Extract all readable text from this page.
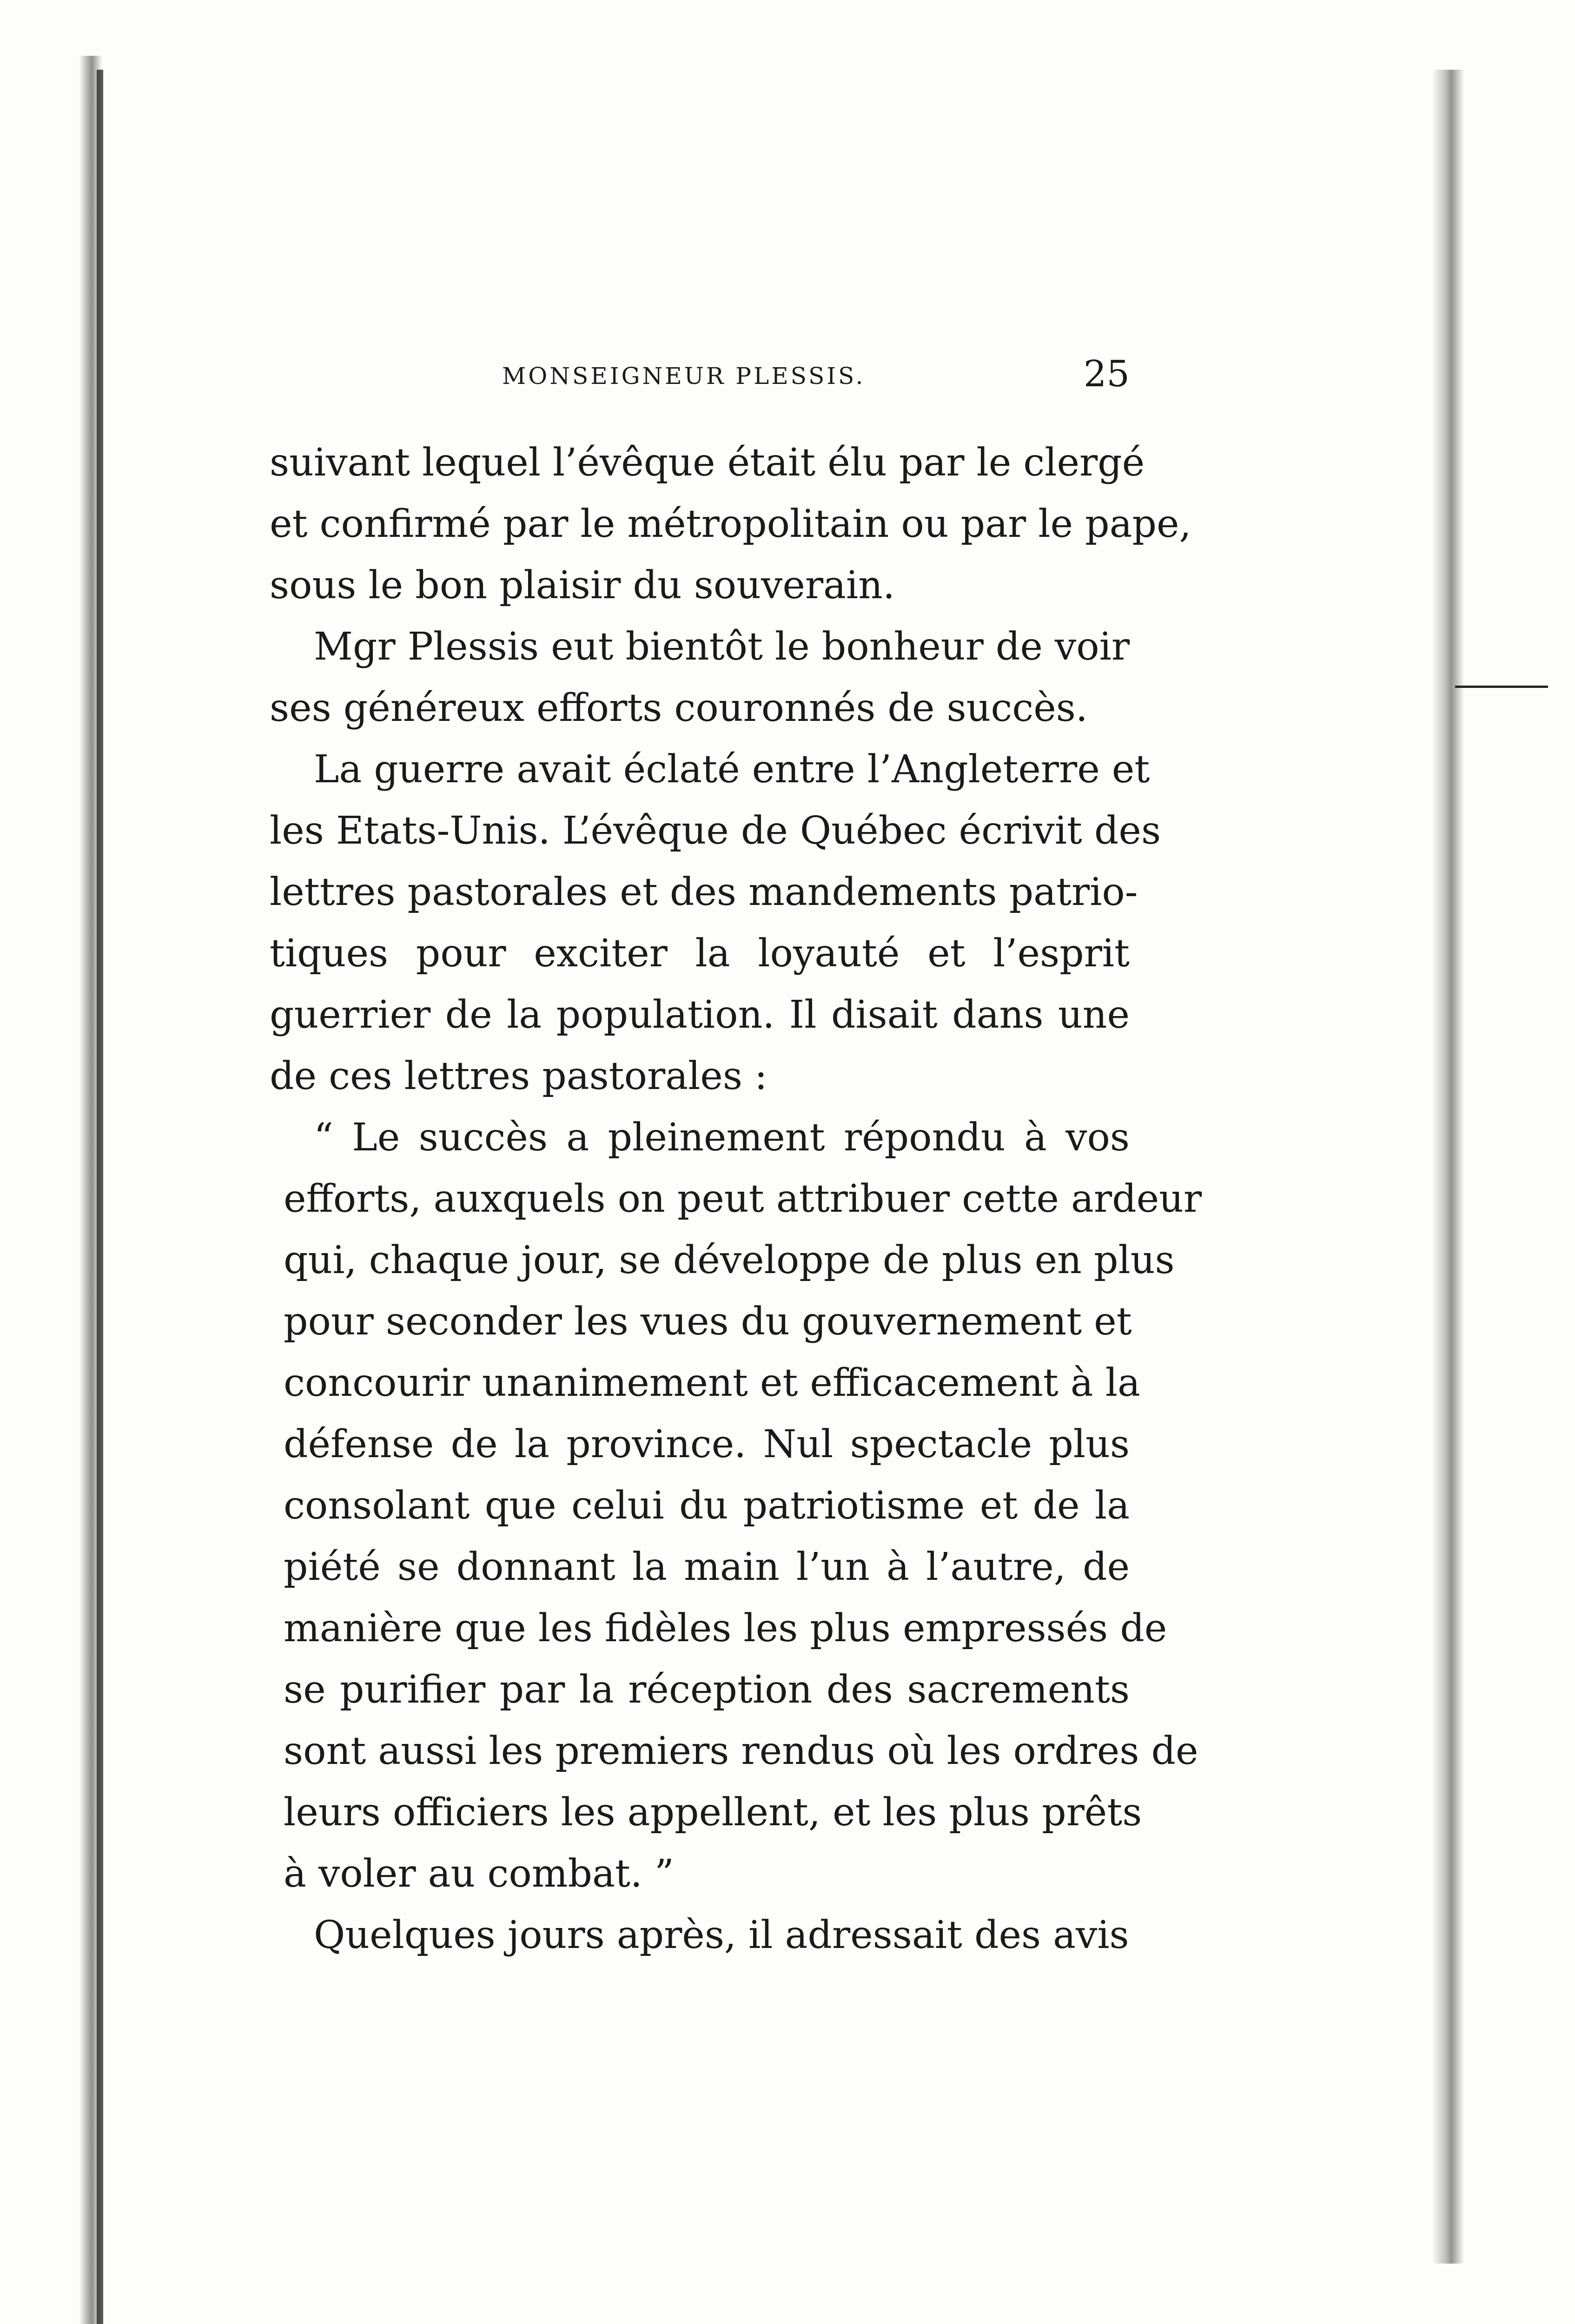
MONSEIGNEUR PLESSIS.	25
suivant lequel l’évêque était élu par le clergé
et confirmé par le métropolitain ou par le pape,
sous le bon plaisir du souverain.
Mgr Plessis eut bientôt le bonheur de voir
ses généreux efforts couronnés de succès.
La guerre avait éclaté entre l’Angleterre et
les Etats-Unis. L’évêque de Québec écrivit des
lettres pastorales et des mandements patrio-
tiques pour exciter la loyauté et l’esprit
guerrier de la population. Il disait dans une
de ces lettres pastorales :
“ Le succès a pleinement répondu à vos
efforts, auxquels on peut attribuer cette ardeur
qui, chaque jour, se développe de plus en plus
pour seconder les vues du gouvernement et
concourir unanimement et efficacement à la
défense de la province. Nul spectacle plus
consolant que celui du patriotisme et de la
piété se donnant la main l’un à l’autre, de
manière que les fidèles les plus empressés de
se purifier par la réception des sacrements
sont aussi les premiers rendus où les ordres de
leurs officiers les appellent, et les plus prêts
à voler au combat. ”
Quelques jours après, il adressait des avis
